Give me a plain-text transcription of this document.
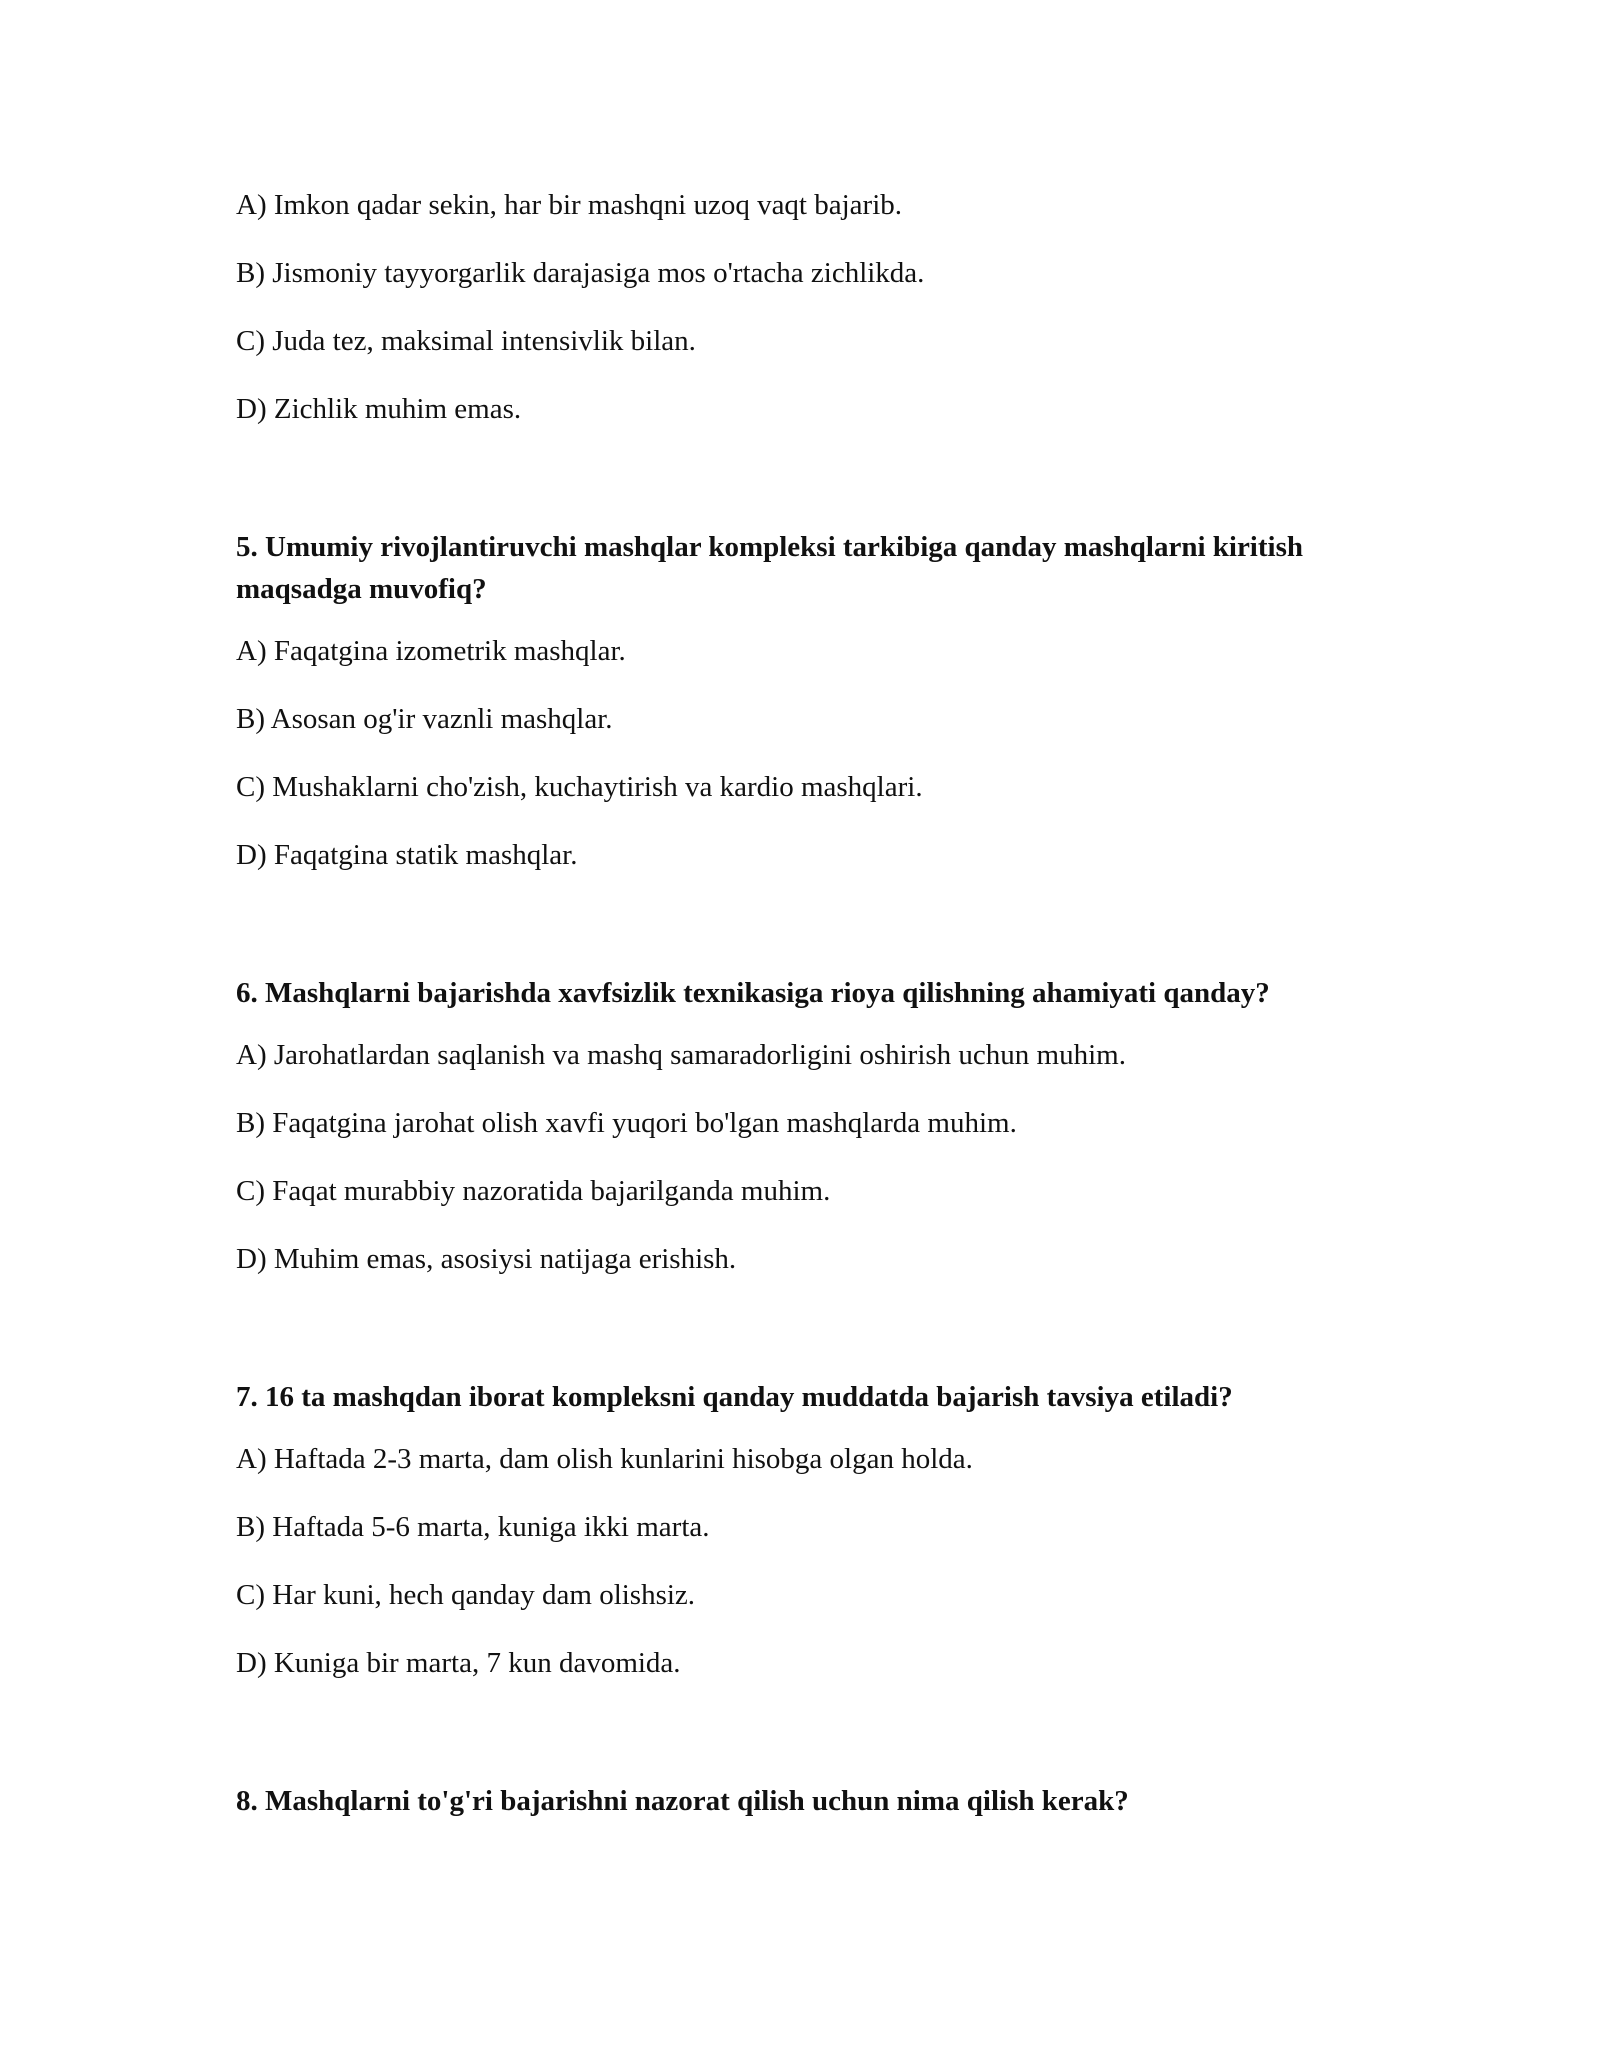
A) Imkon qadar sekin, har bir mashqni uzoq vaqt bajarib.
B) Jismoniy tayyorgarlik darajasiga mos o'rtacha zichlikda.
C) Juda tez, maksimal intensivlik bilan.
D) Zichlik muhim emas.
5. Umumiy rivojlantiruvchi mashqlar kompleksi tarkibiga qanday mashqlarni kiritish maqsadga muvofiq?
A) Faqatgina izometrik mashqlar.
B) Asosan og'ir vaznli mashqlar.
C) Mushaklarni cho'zish, kuchaytirish va kardio mashqlari.
D) Faqatgina statik mashqlar.
6. Mashqlarni bajarishda xavfsizlik texnikasiga rioya qilishning ahamiyati qanday?
A) Jarohatlardan saqlanish va mashq samaradorligini oshirish uchun muhim.
B) Faqatgina jarohat olish xavfi yuqori bo'lgan mashqlarda muhim.
C) Faqat murabbiy nazoratida bajarilganda muhim.
D) Muhim emas, asosiysi natijaga erishish.
7. 16 ta mashqdan iborat kompleksni qanday muddatda bajarish tavsiya etiladi?
A) Haftada 2-3 marta, dam olish kunlarini hisobga olgan holda.
B) Haftada 5-6 marta, kuniga ikki marta.
C) Har kuni, hech qanday dam olishsiz.
D) Kuniga bir marta, 7 kun davomida.
8. Mashqlarni to'g'ri bajarishni nazorat qilish uchun nima qilish kerak?
